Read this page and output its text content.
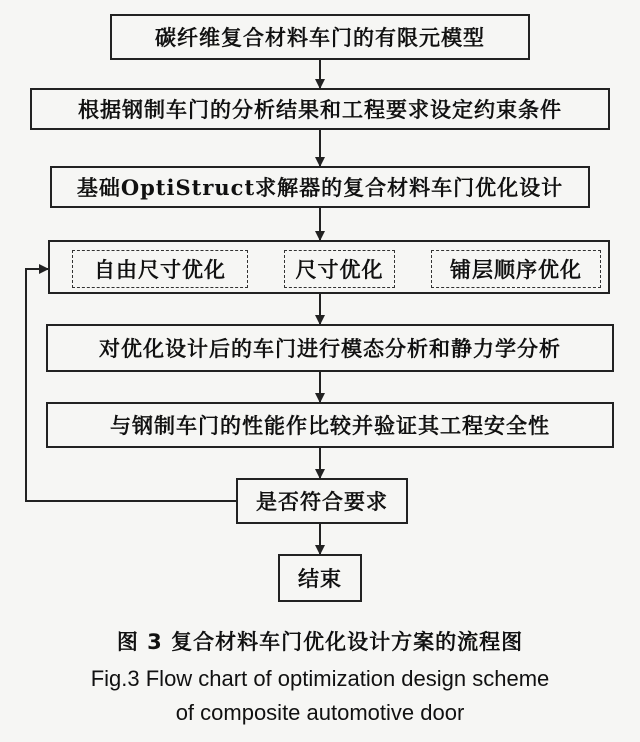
碳纤维复合材料车门的有限元模型
根据钢制车门的分析结果和工程要求设定约束条件
基础OptiStruct求解器的复合材料车门优化设计
自由尺寸优化	尺寸优化	铺层顺序优化
对优化设计后的车门进行模态分析和静力学分析
与钢制车门的性能作比较并验证其工程安全性
是否符合要求
结束
图 3 复合材料车门优化设计方案的流程图
Fig.3 Flow chart of optimization design scheme
of composite automotive door
